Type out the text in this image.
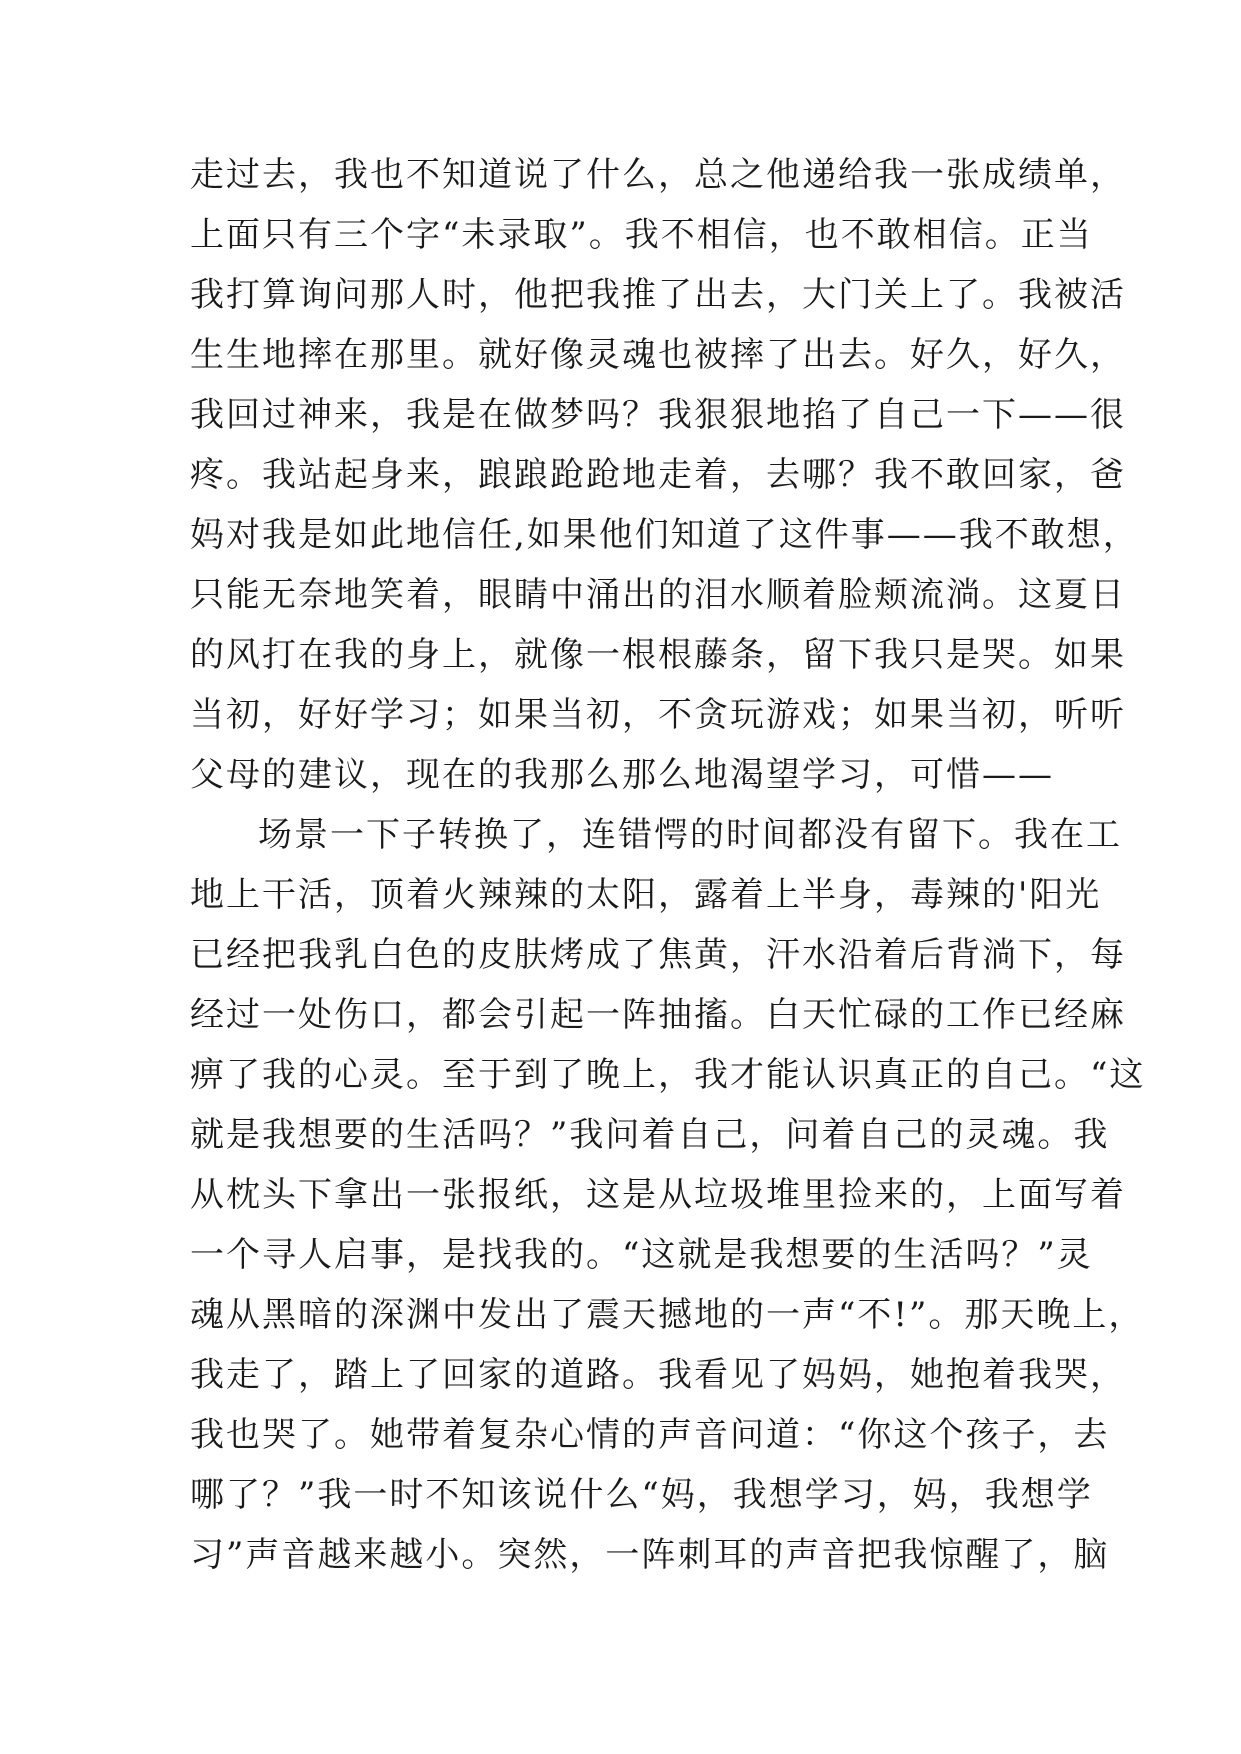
走过去，我也不知道说了什么，总之他递给我一张成绩单，
上面只有三个字“未录取”。我不相信，也不敢相信。正当
我打算询问那人时，他把我推了出去，大门关上了。我被活
生生地摔在那里。就好像灵魂也被摔了出去。好久，好久，
我回过神来，我是在做梦吗？我狠狠地掐了自己一下——很
疼。我站起身来，踉踉跄跄地走着，去哪？我不敢回家，爸
妈对我是如此地信任,如果他们知道了这件事——我不敢想，
只能无奈地笑着，眼睛中涌出的泪水顺着脸颊流淌。这夏日
的风打在我的身上，就像一根根藤条，留下我只是哭。如果
当初，好好学习；如果当初，不贪玩游戏；如果当初，听听
父母的建议，现在的我那么那么地渴望学习，可惜——
场景一下子转换了，连错愕的时间都没有留下。我在工
地上干活，顶着火辣辣的太阳，露着上半身，毒辣的'阳光
已经把我乳白色的皮肤烤成了焦黄，汗水沿着后背淌下，每
经过一处伤口，都会引起一阵抽搐。白天忙碌的工作已经麻
痹了我的心灵。至于到了晚上，我才能认识真正的自己。“这
就是我想要的生活吗？”我问着自己，问着自己的灵魂。我
从枕头下拿出一张报纸，这是从垃圾堆里捡来的，上面写着
一个寻人启事，是找我的。“这就是我想要的生活吗？”灵
魂从黑暗的深渊中发出了震天撼地的一声“不!”。那天晚上，
我走了，踏上了回家的道路。我看见了妈妈，她抱着我哭，
我也哭了。她带着复杂心情的声音问道：“你这个孩子，去
哪了？”我一时不知该说什么“妈，我想学习，妈，我想学
习”声音越来越小。突然，一阵刺耳的声音把我惊醒了，脑
